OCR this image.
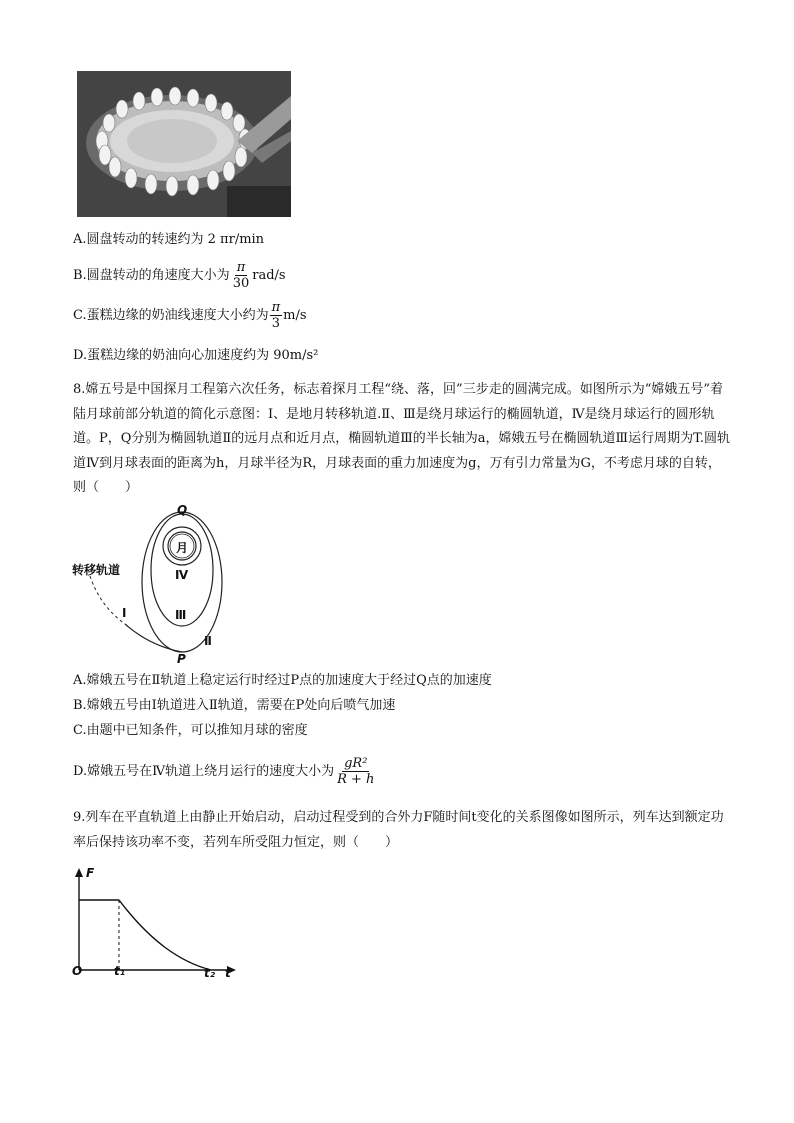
A.圆盘转动的转速约为 2 πr/min
B.圆盘转动的角速度大小为 $\frac{\pi}{30} rad/s$
C.蛋糕边缘的奶油线速度大小约为 $\frac{\pi}{3} m/s$
D.蛋糕边缘的奶油向心加速度约为 90m/s²
8.嫦五号是中国探月工程第六次任务，标志着探月工程“绕、落，回”三步走的圆满完成。如图所示为“嫦娥五号”着陆月球前部分轨道的简化示意图：Ⅰ、是地月转移轨道.Ⅱ、Ⅲ是绕月球运行的椭圆轨道，Ⅳ是绕月球运行的圆形轨道。P，Q分别为椭圆轨道Ⅱ的远月点和近月点，椭圆轨道Ⅲ的半长轴为a，嫦娥五号在椭圆轨道Ⅲ运行周期为T.圆轨道Ⅳ到月球表面的距离为h，月球半径为R，月球表面的重力加速度为g，万有引力常量为G，不考虑月球的自转，则（　　）
转移轨道
月
Q
P
Ⅰ
Ⅱ
Ⅲ
Ⅳ
A.嫦娥五号在Ⅱ轨道上稳定运行时经过P点的加速度大于经过Q点的加速度
B.嫦娥五号由Ⅰ轨道进入Ⅱ轨道，需要在P处向后喷气加速
C.由题中已知条件，可以推知月球的密度
D.嫦娥五号在Ⅳ轨道上绕月运行的速度大小为 $\frac{\text{gR²}}{R + h}$
9.列车在平直轨道上由静止开始启动，启动过程受到的合外力F随时间t变化的关系图像如图所示，列车达到额定功率后保持该功率不变，若列车所受阻力恒定，则（　　）
F
t
O	t₁	t₂
